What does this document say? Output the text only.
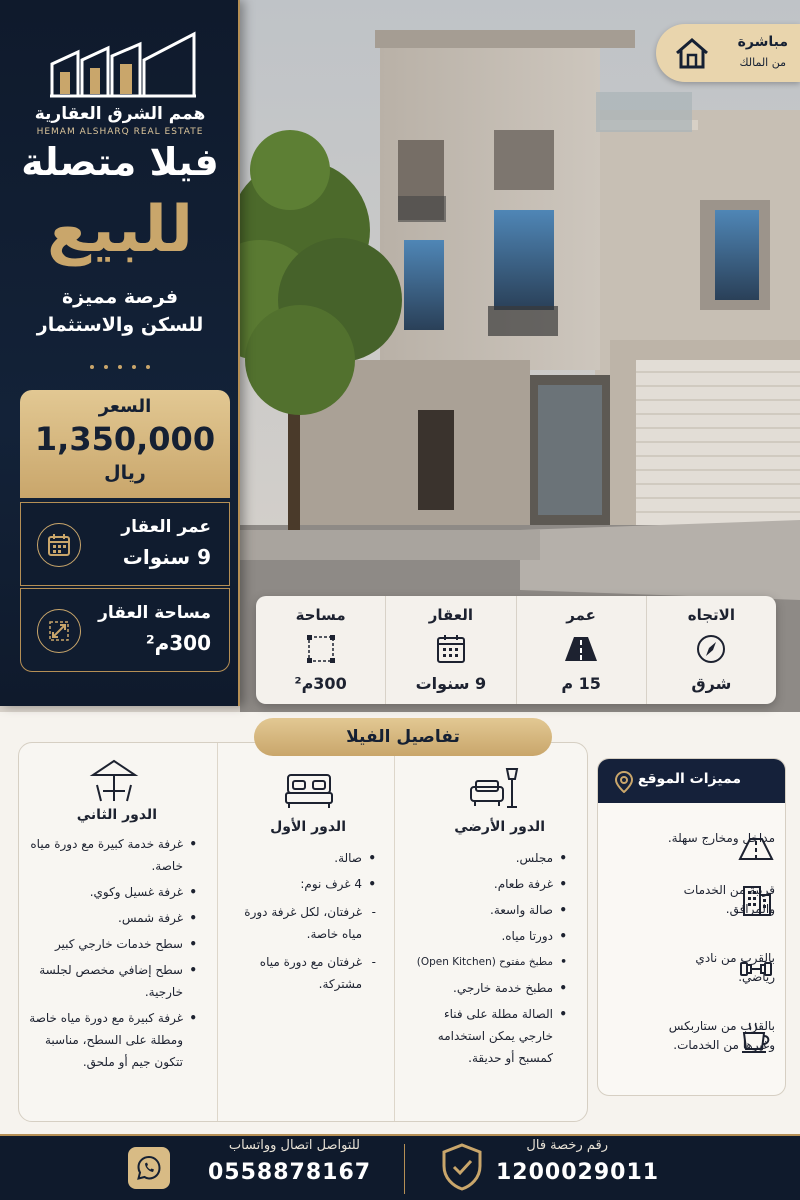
همم الشرق العقارية
HEMAM ALSHARQ REAL ESTATE
فيلا متصلة
للبيع
فرصة مميزة
للسكن والاستثمار
السعر
1,350,000
ريال
عمر العقار
9 سنوات
مساحة العقار
300م²
مباشرة
من المالك
الاتجاه
شرق
عمر
15 م
العقار
9 سنوات
مساحة
300م²
الدور الأرضي
• مجلس.
• غرفة طعام.
• صالة واسعة.
• دورتا مياه.
• مطبخ مفتوح (Open Kitchen)
• مطبخ خدمة خارجي.
• الصالة مطلة على فناء خارجي يمكن استخدامه كمسبح أو حديقة.
الدور الأول
• صالة.
• 4 غرف نوم:
- غرفتان، لكل غرفة دورة مياه خاصة.
- غرفتان مع دورة مياه مشتركة.
الدور الثاني
• غرفة خدمة كبيرة مع دورة مياه خاصة.
• غرفة غسيل وكوي.
• غرفة شمس.
• سطح خدمات خارجي كبير
• سطح إضافي مخصص لجلسة خارجية.
• غرفة كبيرة مع دورة مياه خاصة ومطلة على السطح، مناسبة تتكون جيم أو ملحق.
تفاصيل الفيلا
مميزات الموقع
مداخل ومخارج سهلة.
قريبة من الخدمات والمرافق.
بالقرب من نادي رياضي.
بالقرب من ستاربكس وغيرها من الخدمات.
للتواصل اتصال وواتساب
0558878167
رقم رخصة فال
1200029011
